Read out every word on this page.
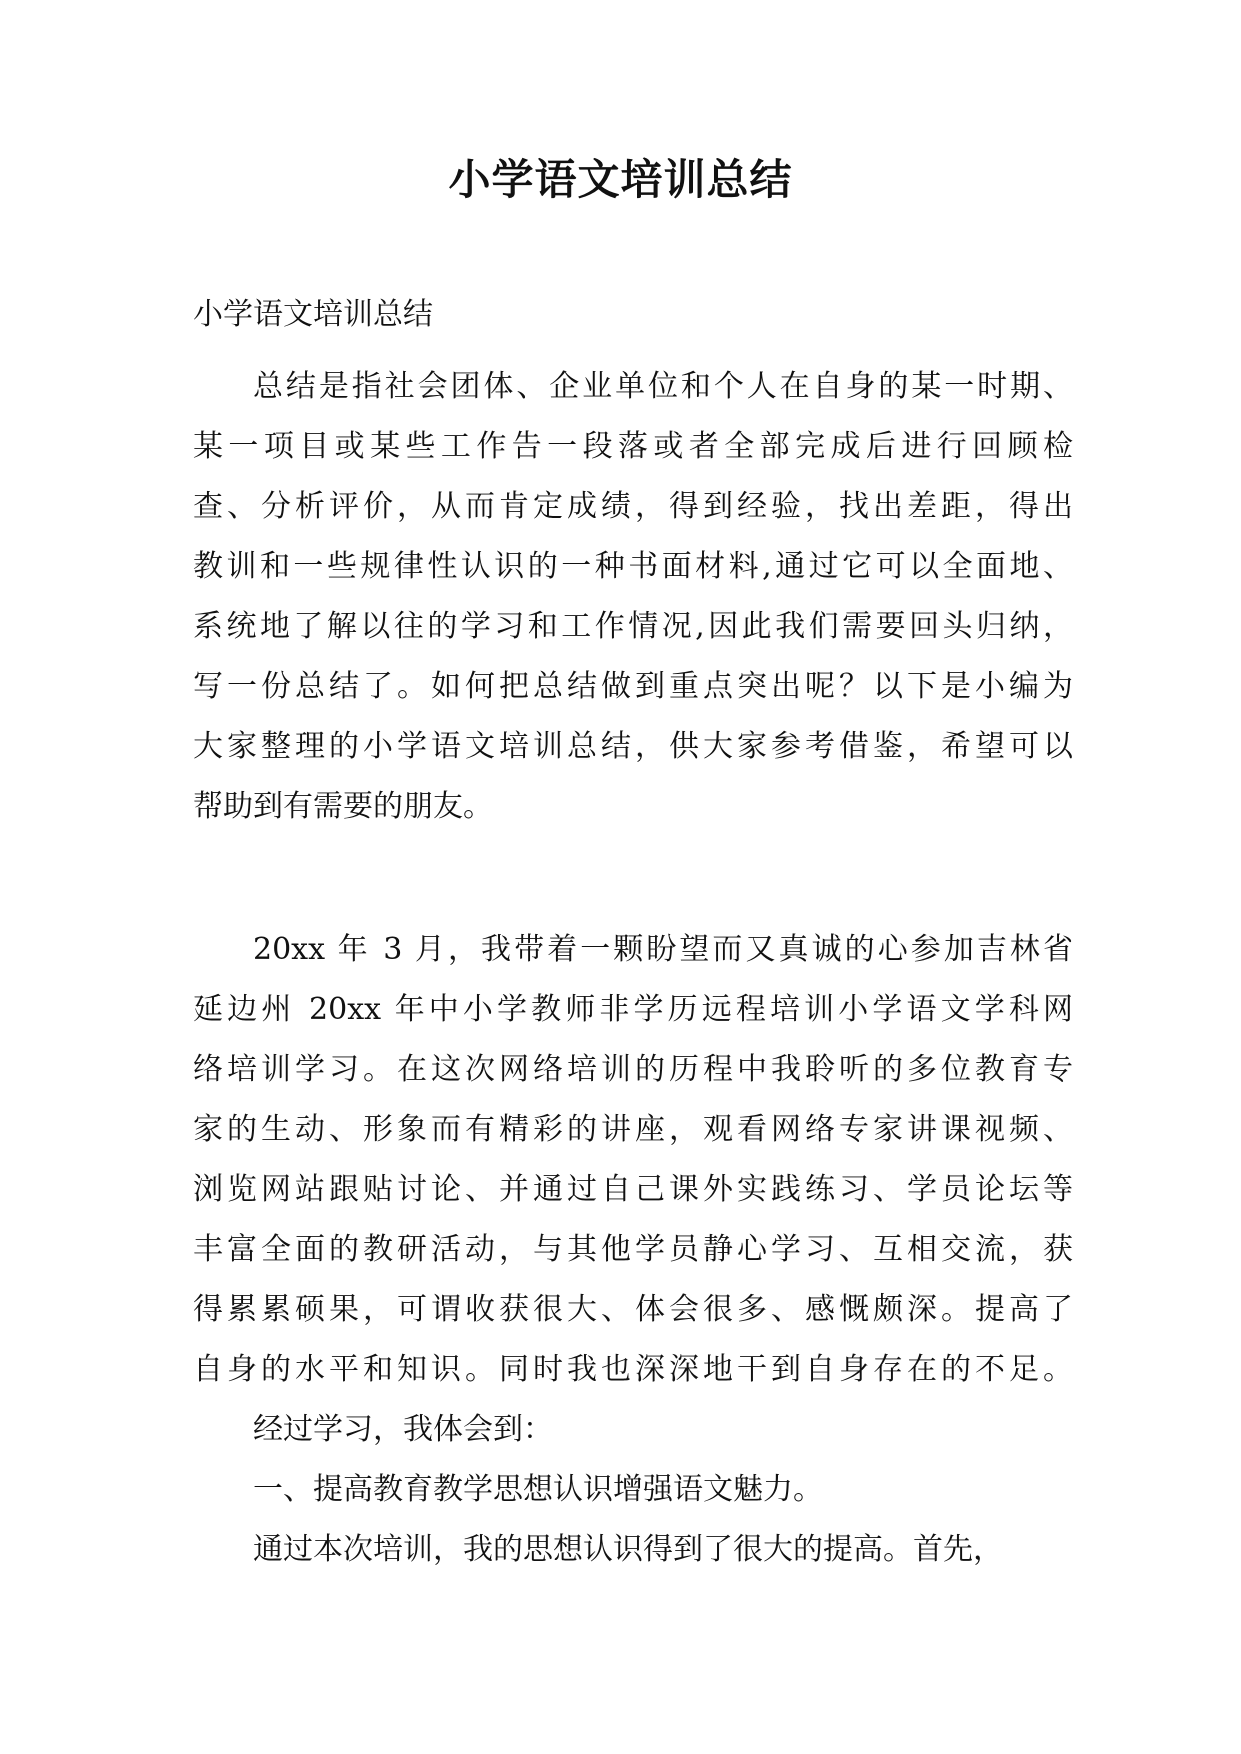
小学语文培训总结
小学语文培训总结
总结是指社会团体、企业单位和个人在自身的某一时期、
某一项目或某些工作告一段落或者全部完成后进行回顾检
查、分析评价，从而肯定成绩，得到经验，找出差距，得出
教训和一些规律性认识的一种书面材料,通过它可以全面地、
系统地了解以往的学习和工作情况,因此我们需要回头归纳，
写一份总结了。如何把总结做到重点突出呢？以下是小编为
大家整理的小学语文培训总结，供大家参考借鉴，希望可以
帮助到有需要的朋友。
20xx 年 3 月，我带着一颗盼望而又真诚的心参加吉林省
延边州 20xx 年中小学教师非学历远程培训小学语文学科网
络培训学习。在这次网络培训的历程中我聆听的多位教育专
家的生动、形象而有精彩的讲座，观看网络专家讲课视频、
浏览网站跟贴讨论、并通过自己课外实践练习、学员论坛等
丰富全面的教研活动，与其他学员静心学习、互相交流，获
得累累硕果，可谓收获很大、体会很多、感慨颇深。提高了
自身的水平和知识。同时我也深深地干到自身存在的不足。
经过学习，我体会到：
一、提高教育教学思想认识增强语文魅力。
通过本次培训，我的思想认识得到了很大的提高。首先，
